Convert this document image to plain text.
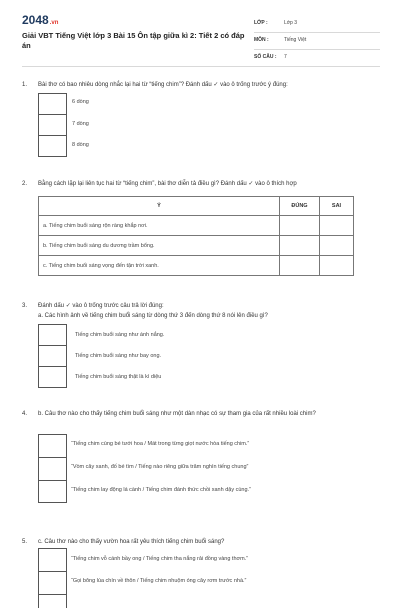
2048.vn
Giải VBT Tiếng Việt lớp 3 Bài 15 Ôn tập giữa kì 2: Tiết 2 có đáp án
LỚP :	Lớp 3
MÔN :	Tiếng Việt
SỐ CÂU : 7
1. Bài thơ có bao nhiêu dòng nhắc lại hai từ “tiếng chim”? Đánh dấu ✓ vào ô trống trước ý đúng:
6 dòng
7 dòng
8 dòng
2. Bằng cách lặp lại liên tục hai từ “tiếng chim”, bài thơ diễn tả điều gì? Đánh dấu ✓ vào ô thích hợp
Ý	ĐÚNG	SAI
a. Tiếng chim buổi sáng rộn ràng khắp nơi.		
b. Tiếng chim buổi sáng du dương trầm bổng.		
c. Tiếng chim buổi sáng vọng đến tận trời xanh.		
3. Đánh dấu ✓ vào ô trống trước câu trả lời đúng:
a. Các hình ảnh về tiếng chim buổi sáng từ dòng thứ 3 đến dòng thứ 8 nói lên điều gì?
Tiếng chim buổi sáng như ánh nắng.
Tiếng chim buổi sáng như bay ong.
Tiếng chim buổi sáng thật là kì diệu
4. b. Câu thơ nào cho thấy tiếng chim buổi sáng như một dàn nhạc có sự tham gia của rất nhiều loài chim?
“Tiếng chim cùng bé tưới hoa / Mát trong từng giọt nước hòa tiếng chim.”
“Vòm cây xanh, đố bé tìm / Tiếng nào riêng giữa trăm nghìn tiếng chung”
“Tiếng chim lay động lá cành / Tiếng chim đánh thức chồi xanh dậy cùng.”
5. c. Câu thơ nào cho thấy vườn hoa rất yêu thích tiếng chim buổi sáng?
“Tiếng chim vỗ cánh bầy ong / Tiếng chim tha nắng rải đồng vàng thơm.”
“Gọi bông lúa chín về thôn / Tiếng chim nhuộm óng cây rơm trước nhà.”
